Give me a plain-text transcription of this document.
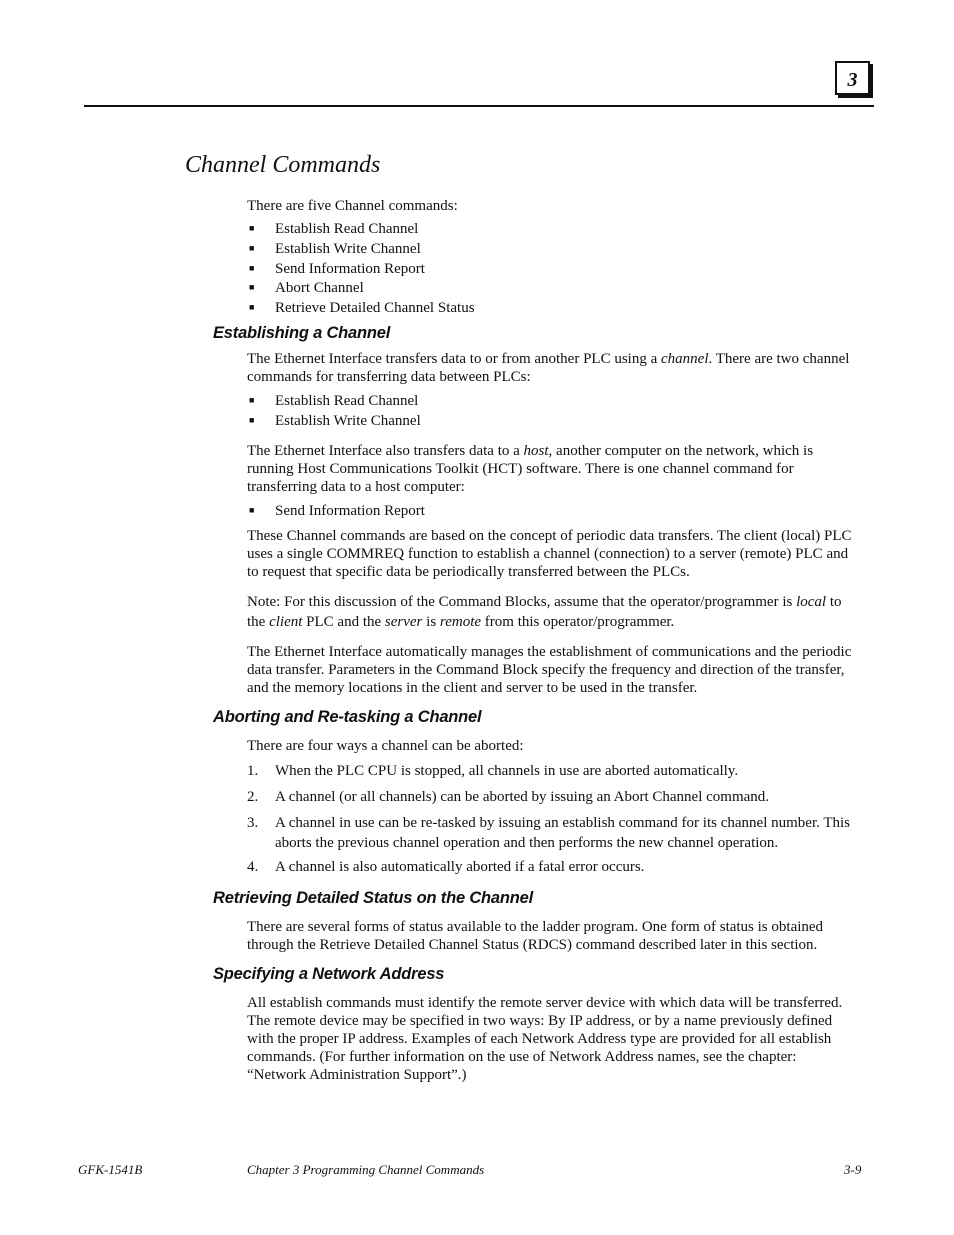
3
Channel Commands

There are five Channel commands:

■	Establish Read Channel
■	Establish Write Channel
■	Send Information Report
■	Abort Channel
■	Retrieve Detailed Channel Status
Establishing a Channel

The Ethernet Interface transfers data to or from another PLC using a channel. There are two channel commands for transferring data between PLCs:

■	Establish Read Channel
■	Establish Write Channel

The Ethernet Interface also transfers data to a host, another computer on the network, which is running Host Communications Toolkit (HCT) software. There is one channel command for transferring data to a host computer:

■	Send Information Report

These Channel commands are based on the concept of periodic data transfers. The client (local) PLC uses a single COMMREQ function to establish a channel (connection) to a server (remote) PLC and to request that specific data be periodically transferred between the PLCs.

Note: For this discussion of the Command Blocks, assume that the operator/programmer is local to the client PLC and the server is remote from this operator/programmer.

The Ethernet Interface automatically manages the establishment of communications and the periodic data transfer. Parameters in the Command Block specify the frequency and direction of the transfer, and the memory locations in the client and server to be used in the transfer.

Aborting and Re-tasking a Channel

There are four ways a channel can be aborted:

1.	When the PLC CPU is stopped, all channels in use are aborted automatically.
2.	A channel (or all channels) can be aborted by issuing an Abort Channel command.
3.	A channel in use can be re-tasked by issuing an establish command for its channel number. This aborts the previous channel operation and then performs the new channel operation.
4.	A channel is also automatically aborted if a fatal error occurs.
Retrieving Detailed Status on the Channel

There are several forms of status available to the ladder program. One form of status is obtained through the Retrieve Detailed Channel Status (RDCS) command described later in this section.

Specifying a Network Address

All establish commands must identify the remote server device with which data will be transferred. The remote device may be specified in two ways: By IP address, or by a name previously defined with the proper IP address. Examples of each Network Address type are provided for all establish commands. (For further information on the use of Network Address names, see the chapter: “Network Administration Support”.)

GFK-1541B	Chapter 3 Programming Channel Commands	3-9
